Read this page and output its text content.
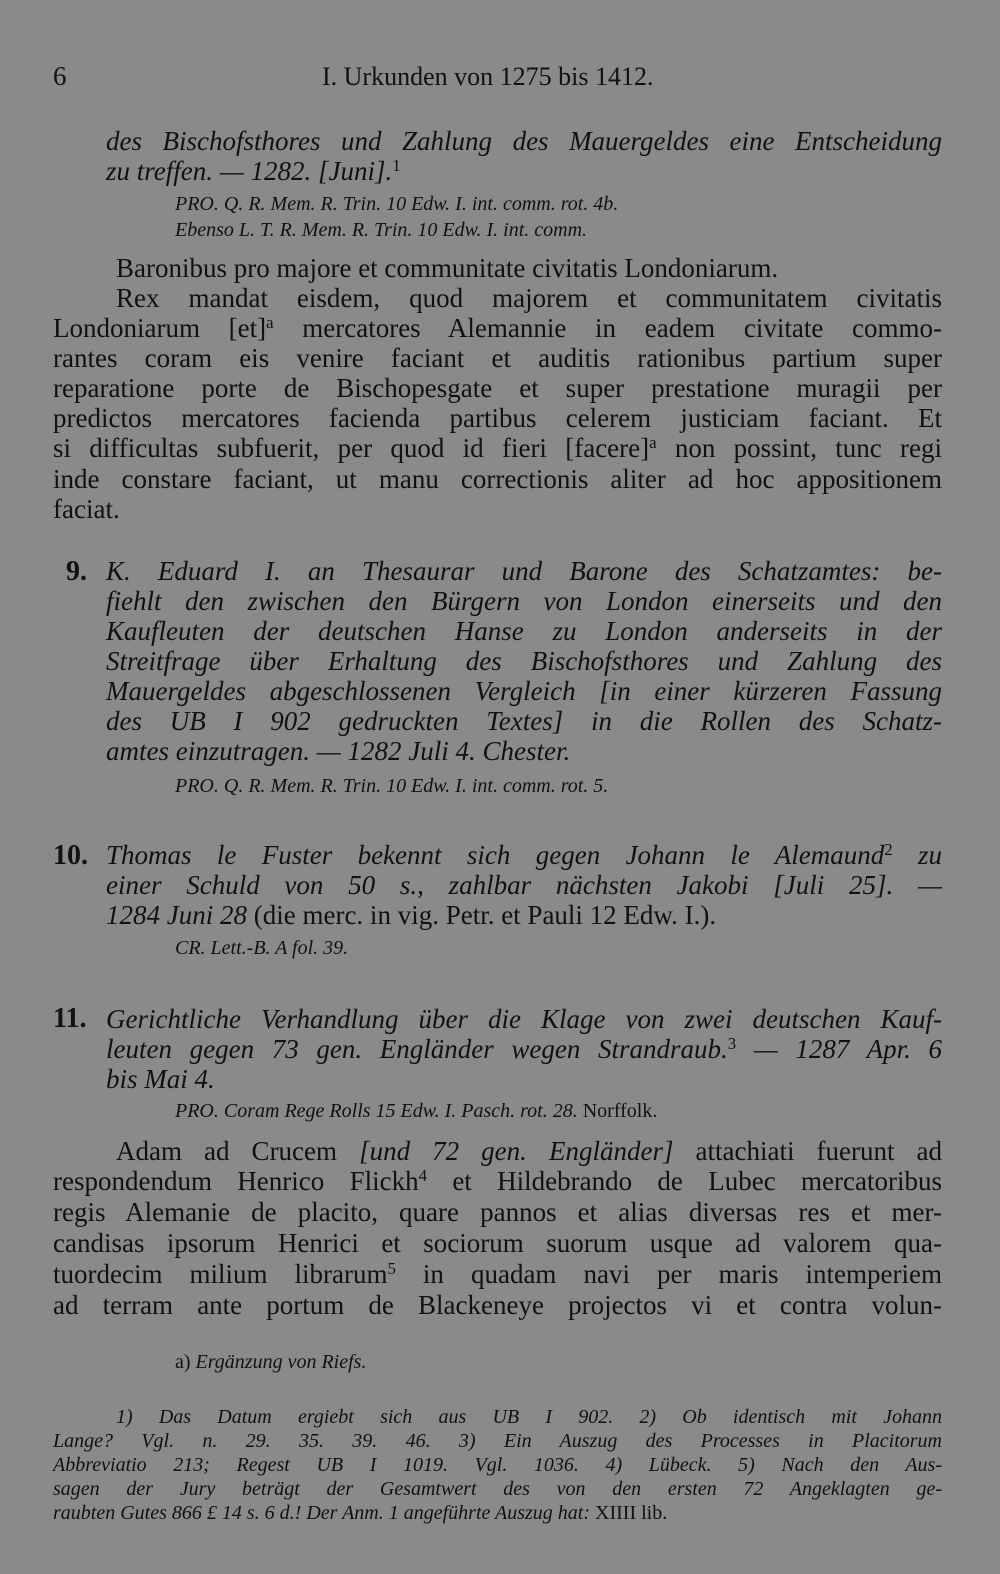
6	I. Urkunden von 1275 bis 1412.
des Bischofsthores und Zahlung des Mauergeldes eine Entscheidung
zu treffen. — 1282. [Juni].$^1$
PRO. Q. R. Mem. R. Trin. 10 Edw. I. int. comm. rot. 4b.
Ebenso L. T. R. Mem. R. Trin. 10 Edw. I. int. comm.
Baronibus pro majore et communitate civitatis Londoniarum.
Rex mandat eisdem, quod majorem et communitatem civitatis
Londoniarum [et]$^a$ mercatores Alemannie in eadem civitate commo-
rantes coram eis venire faciant et auditis rationibus partium super
reparatione porte de Bischopesgate et super prestatione muragii per
predictos mercatores facienda partibus celerem justiciam faciant. Et
si difficultas subfuerit, per quod id fieri [facere]$^a$ non possint, tunc regi
inde constare faciant, ut manu correctionis aliter ad hoc appositionem
faciat.
9. K. Eduard I. an Thesaurar und Barone des Schatzamtes: be-
fiehlt den zwischen den Bürgern von London einerseits und den
Kaufleuten der deutschen Hanse zu London anderseits in der
Streitfrage über Erhaltung des Bischofsthores und Zahlung des
Mauergeldes abgeschlossenen Vergleich [in einer kürzeren Fassung
des UB I 902 gedruckten Textes] in die Rollen des Schatz-
amtes einzutragen. — 1282 Juli 4. Chester.
PRO. Q. R. Mem. R. Trin. 10 Edw. I. int. comm. rot. 5.
10. Thomas le Fuster bekennt sich gegen Johann le Alemaund$^2$ zu
einer Schuld von 50 s., zahlbar nächsten Jakobi [Juli 25]. —
1284 Juni 28 (die merc. in vig. Petr. et Pauli 12 Edw. I.).
CR. Lett.-B. A fol. 39.
11. Gerichtliche Verhandlung über die Klage von zwei deutschen Kauf-
leuten gegen 73 gen. Engländer wegen Strandraub.$^3$ — 1287 Apr. 6
bis Mai 4.
PRO. Coram Rege Rolls 15 Edw. I. Pasch. rot. 28. Norffolk.
Adam ad Crucem [und 72 gen. Engländer] attachiati fuerunt ad
respondendum Henrico Flickh$^4$ et Hildebrando de Lubec mercatoribus
regis Alemanie de placito, quare pannos et alias diversas res et mer-
candisas ipsorum Henrici et sociorum suorum usque ad valorem qua-
tuordecim milium librarum$^5$ in quadam navi per maris intemperiem
ad terram ante portum de Blackeneye projectos vi et contra volun-
a) Ergänzung von Riefs.
1) Das Datum ergiebt sich aus UB I 902. 2) Ob identisch mit Johann
Lange? Vgl. n. 29. 35. 39. 46. 3) Ein Auszug des Processes in Placitorum
Abbreviatio 213; Regest UB I 1019. Vgl. 1036. 4) Lübeck. 5) Nach den Aus-
sagen der Jury beträgt der Gesamtwert des von den ersten 72 Angeklagten ge-
raubten Gutes 866 £ 14 s. 6 d.! Der Anm. 1 angeführte Auszug hat: XIIII lib.
